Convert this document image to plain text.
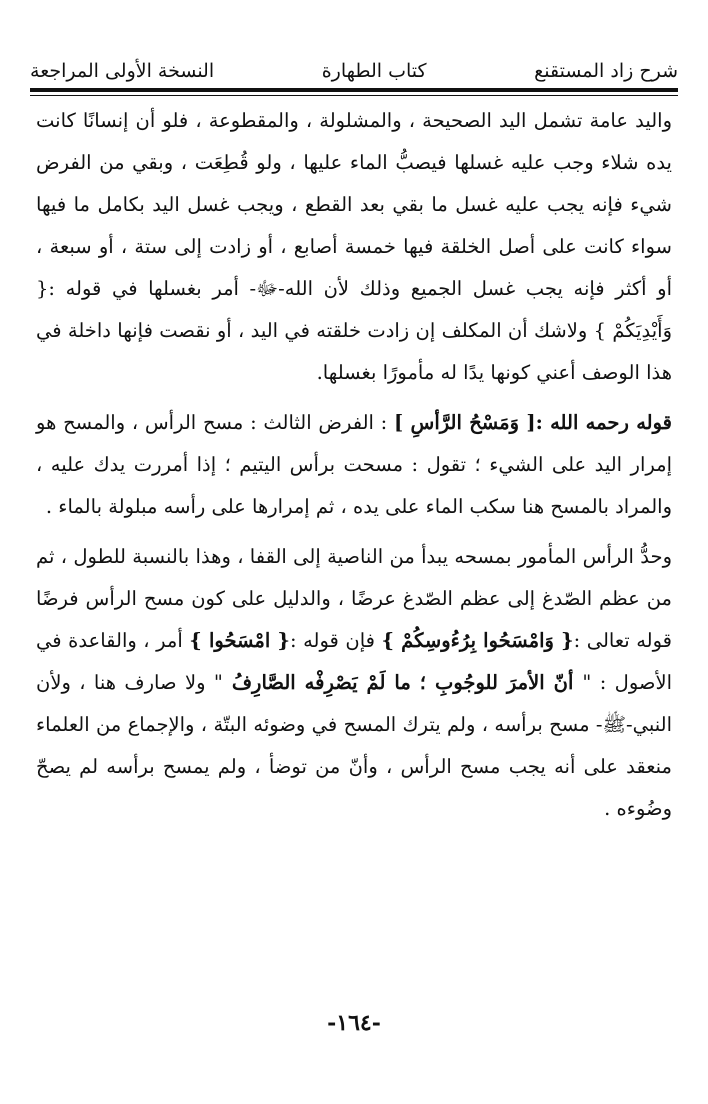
شرح زاد المستقنع
كتاب الطهارة
النسخة الأولى المراجعة

واليد عامة تشمل اليد الصحيحة ، والمشلولة ، والمقطوعة ، فلو أن إنسانًا كانت يده شلاء وجب عليه غسلها فيصبُّ الماء عليها ، ولو قُطِعَت ، وبقي من الفرض شيء فإنه يجب عليه غسل ما بقي بعد القطع ، ويجب غسل اليد بكامل ما فيها سواء كانت على أصل الخلقة فيها خمسة أصابع ، أو زادت إلى ستة ، أو سبعة ، أو أكثر فإنه يجب غسل الجميع وذلك لأن الله-ﷻ- أمر بغسلها في قوله :{ وَأَيْدِيَكُمْ } ولاشك أن المكلف إن زادت خلقته في اليد ، أو نقصت فإنها داخلة في هذا الوصف أعني كونها يدًا له مأمورًا بغسلها.

قوله رحمه الله :[ وَمَسْحُ الرَّأسِ ] : الفرض الثالث : مسح الرأس ، والمسح هو إمرار اليد على الشيء ؛ تقول : مسحت برأس اليتيم ؛ إذا أمررت يدك عليه ، والمراد بالمسح هنا سكب الماء على يده ، ثم إمرارها على رأسه مبلولة بالماء .

وحدُّ الرأس المأمور بمسحه يبدأ من الناصية إلى القفا ، وهذا بالنسبة للطول ، ثم من عظم الصّدغ إلى عظم الصّدغ عرضًا ، والدليل على كون مسح الرأس فرضًا قوله تعالى :{ وَامْسَحُوا بِرُءُوسِكُمْ } فإن قوله :{ امْسَحُوا } أمر ، والقاعدة في الأصول : " أنّ الأمرَ للوجُوبِ ؛ ما لَمْ يَصْرِفْه الصَّارِفُ " ولا صارف هنا ، ولأن النبي-ﷺ- مسح برأسه ، ولم يترك المسح في وضوئه البتّة ، والإجماع من العلماء منعقد على أنه يجب مسح الرأس ، وأنّ من توضأ ، ولم يمسح برأسه لم يصحّ وضُوءه .

-١٦٤-
